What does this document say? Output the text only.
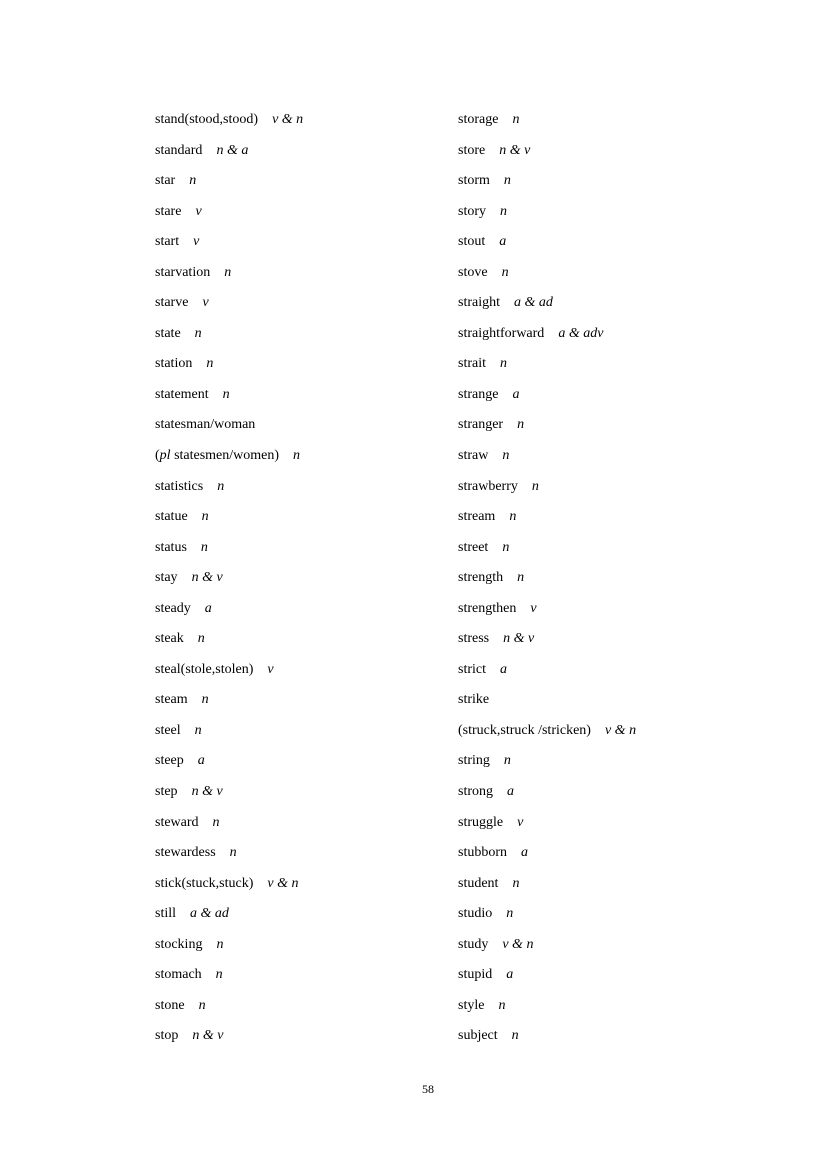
stand(stood,stood) v & n
standard n & a
star n
stare v
start v
starvation n
starve v
state n
station n
statement n
statesman/woman
(pl statesmen/women) n
statistics n
statue n
status n
stay n & v
steady a
steak n
steal(stole,stolen) v
steam n
steel n
steep a
step n & v
steward n
stewardess n
stick(stuck,stuck) v & n
still a & ad
stocking n
stomach n
stone n
stop n & v
storage n
store n & v
storm n
story n
stout a
stove n
straight a & ad
straightforward a & adv
strait n
strange a
stranger n
straw n
strawberry n
stream n
street n
strength n
strengthen v
stress n & v
strict a
strike
(struck,struck /stricken) v & n
string n
strong a
struggle v
stubborn a
student n
studio n
study v & n
stupid a
style n
subject n
58
